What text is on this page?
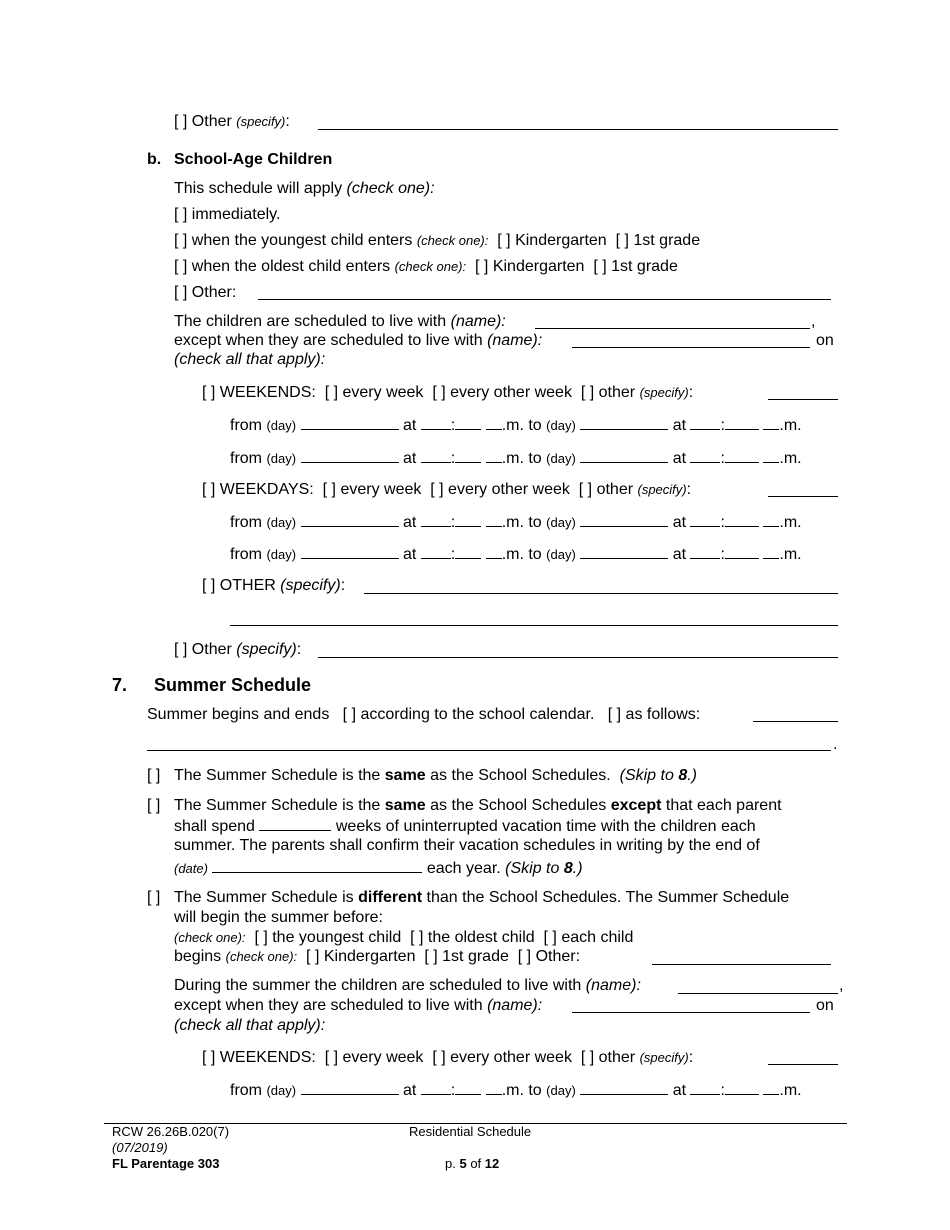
[ ] Other (specify):
b. School-Age Children
This schedule will apply (check one):
[ ] immediately.
[ ] when the youngest child enters (check one): [ ] Kindergarten [ ] 1st grade
[ ] when the oldest child enters (check one): [ ] Kindergarten [ ] 1st grade
[ ] Other:
The children are scheduled to live with (name):	,
except when they are scheduled to live with (name):	on
(check all that apply):
[ ] WEEKENDS: [ ] every week [ ] every other week [ ] other (specify):
from (day)	at :	.m. to (day)	at :	.m.
from (day)	at :	.m. to (day)	at :	.m.
[ ] WEEKDAYS: [ ] every week [ ] every other week [ ] other (specify):
from (day)	at :	.m. to (day)	at :	.m.
from (day)	at :	.m. to (day)	at :	.m.
[ ] OTHER (specify):
[ ] Other (specify):
7. Summer Schedule
Summer begins and ends [ ] according to the school calendar. [ ] as follows:
.
[ ] The Summer Schedule is the same as the School Schedules. (Skip to 8.)
[ ] The Summer Schedule is the same as the School Schedules except that each parent
shall spend	weeks of uninterrupted vacation time with the children each
summer. The parents shall confirm their vacation schedules in writing by the end of
(date)	each year. (Skip to 8.)
[ ] The Summer Schedule is different than the School Schedules. The Summer Schedule
will begin the summer before:
(check one): [ ] the youngest child [ ] the oldest child [ ] each child
begins (check one): [ ] Kindergarten [ ] 1st grade [ ] Other:
During the summer the children are scheduled to live with (name):	,
except when they are scheduled to live with (name):	on
(check all that apply):
[ ] WEEKENDS: [ ] every week [ ] every other week [ ] other (specify):
from (day)	at :	.m. to (day)	at :	.m.
RCW 26.26B.020(7)
(07/2019)
FL Parentage 303
Residential Schedule
p. 5 of 12
